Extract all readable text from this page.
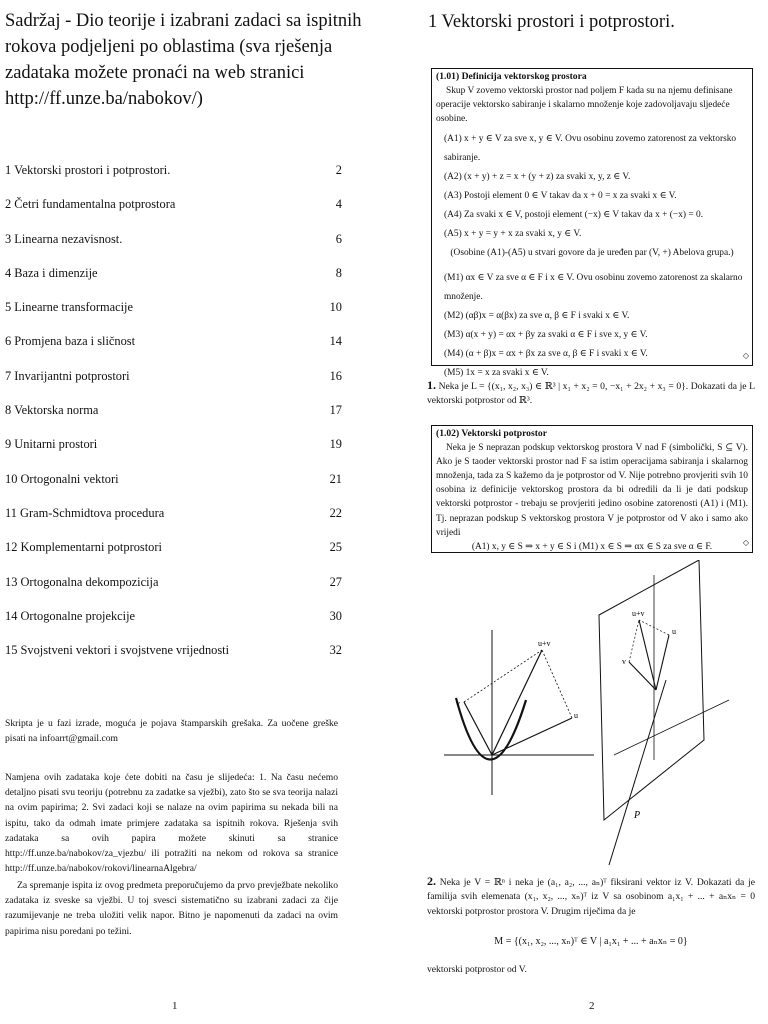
Sadržaj - Dio teorije i izabrani zadaci sa ispitnih rokova podjeljeni po oblastima (sva rješenja zadataka možete pronaći na web stranici http://ff.unze.ba/nabokov/)
1 Vektorski prostori i potprostori.	2
2 Četri fundamentalna potprostora	4
3 Linearna nezavisnost.	6
4 Baza i dimenzije	8
5 Linearne transformacije	10
6 Promjena baza i sličnost	14
7 Invarijantni potprostori	16
8 Vektorska norma	17
9 Unitarni prostori	19
10 Ortogonalni vektori	21
11 Gram-Schmidtova procedura	22
12 Komplementarni potprostori	25
13 Ortogonalna dekompozicija	27
14 Ortogonalne projekcije	30
15 Svojstveni vektori i svojstvene vrijednosti	32
Skripta je u fazi izrade, moguća je pojava štamparskih grešaka. Za uočene greške pisati na infoarrt@gmail.com
Namjena ovih zadataka koje ćete dobiti na času je slijedeća: 1. Na času nećemo detaljno pisati svu teoriju (potrebnu za zadatke sa vježbi), zato što se sva teorija nalazi na ovim papirima; 2. Svi zadaci koji se nalaze na ovim papirima su nekada bili na ispitu, tako da odmah imate primjere zadataka sa ispitnih rokova. Rješenja svih zadataka sa ovih papira možete skinuti sa stranice http://ff.unze.ba/nabokov/za_vjezbu/ ili potražiti na nekom od rokova sa stranice http://ff.unze.ba/nabokov/rokovi/linearnaAlgebra/
Za spremanje ispita iz ovog predmeta preporučujemo da prvo prevježbate nekoliko zadataka iz sveske sa vježbi. U toj svesci sistematično su izabrani zadaci za čije razumijevanje ne treba uložiti velik napor. Bitno je napomenuti da zadaci na ovim papirima nisu poredani po težini.
1
1 Vektorski prostori i potprostori.
(1.01) Definicija vektorskog prostora
Skup V zovemo vektorski prostor nad poljem F kada su na njemu definisane operacije vektorsko sabiranje i skalarno množenje koje zadovoljavaju sljedeće osobine.
(A1) x + y ∈ V za sve x, y ∈ V. Ovu osobinu zovemo zatorenost za vektorsko sabiranje.
(A2) (x + y) + z = x + (y + z) za svaki x, y, z ∈ V.
(A3) Postoji element 0 ∈ V takav da x + 0 = x za svaki x ∈ V.
(A4) Za svaki x ∈ V, postoji element (−x) ∈ V takav da x + (−x) = 0.
(A5) x + y = y + x za svaki x, y ∈ V.
(Osobine (A1)-(A5) u stvari govore da je uređen par (V, +) Abelova grupa.)
(M1) αx ∈ V za sve α ∈ F i x ∈ V. Ovu osobinu zovemo zatorenost za skalarno množenje.
(M2) (αβ)x = α(βx) za sve α, β ∈ F i svaki x ∈ V.
(M3) α(x + y) = αx + βy za svaki α ∈ F i sve x, y ∈ V.
(M4) (α + β)x = αx + βx za sve α, β ∈ F i svaki x ∈ V.
(M5) 1x = x za svaki x ∈ V.
◇
1. Neka je L = {(x₁, x₂, x₃) ∈ ℝ³ | x₁ + x₂ = 0, −x₁ + 2x₂ + x₃ = 0}. Dokazati da je L vektorski potprostor od ℝ³.
(1.02) Vektorski potprostor
Neka je S neprazan podskup vektorskog prostora V nad F (simbolički, S ⊆ V). Ako je S taoder vektorski prostor nad F sa istim operacijama sabiranja i skalarnog množenja, tada za S kažemo da je potprostor od V. Nije potrebno provjeriti svih 10 osobina iz definicije vektorskog prostora da bi odredili da li je dati podskup vektorski potprostor - trebaju se provjeriti jedino osobine zatorenosti (A1) i (M1). Tj. neprazan podskup S vektorskog prostora V je potprostor od V ako i samo ako vrijedi
(A1) x, y ∈ S ⇒ x + y ∈ S i (M1) x ∈ S ⇒ αx ∈ S za sve α ∈ F.	◇
u+v
u
v
u+v
u
v
P
2. Neka je V = ℝⁿ i neka je (a₁, a₂, ..., aₙ)ᵀ fiksirani vektor iz V. Dokazati da je familija svih elemenata (x₁, x₂, ..., xₙ)ᵀ iz V sa osobinom a₁x₁ + ... + aₙxₙ = 0 vektorski potprostor prostora V. Drugim riječima da je
M = {(x₁, x₂, ..., xₙ)ᵀ ∈ V | a₁x₁ + ... + aₙxₙ = 0}
vektorski potprostor od V.
2
